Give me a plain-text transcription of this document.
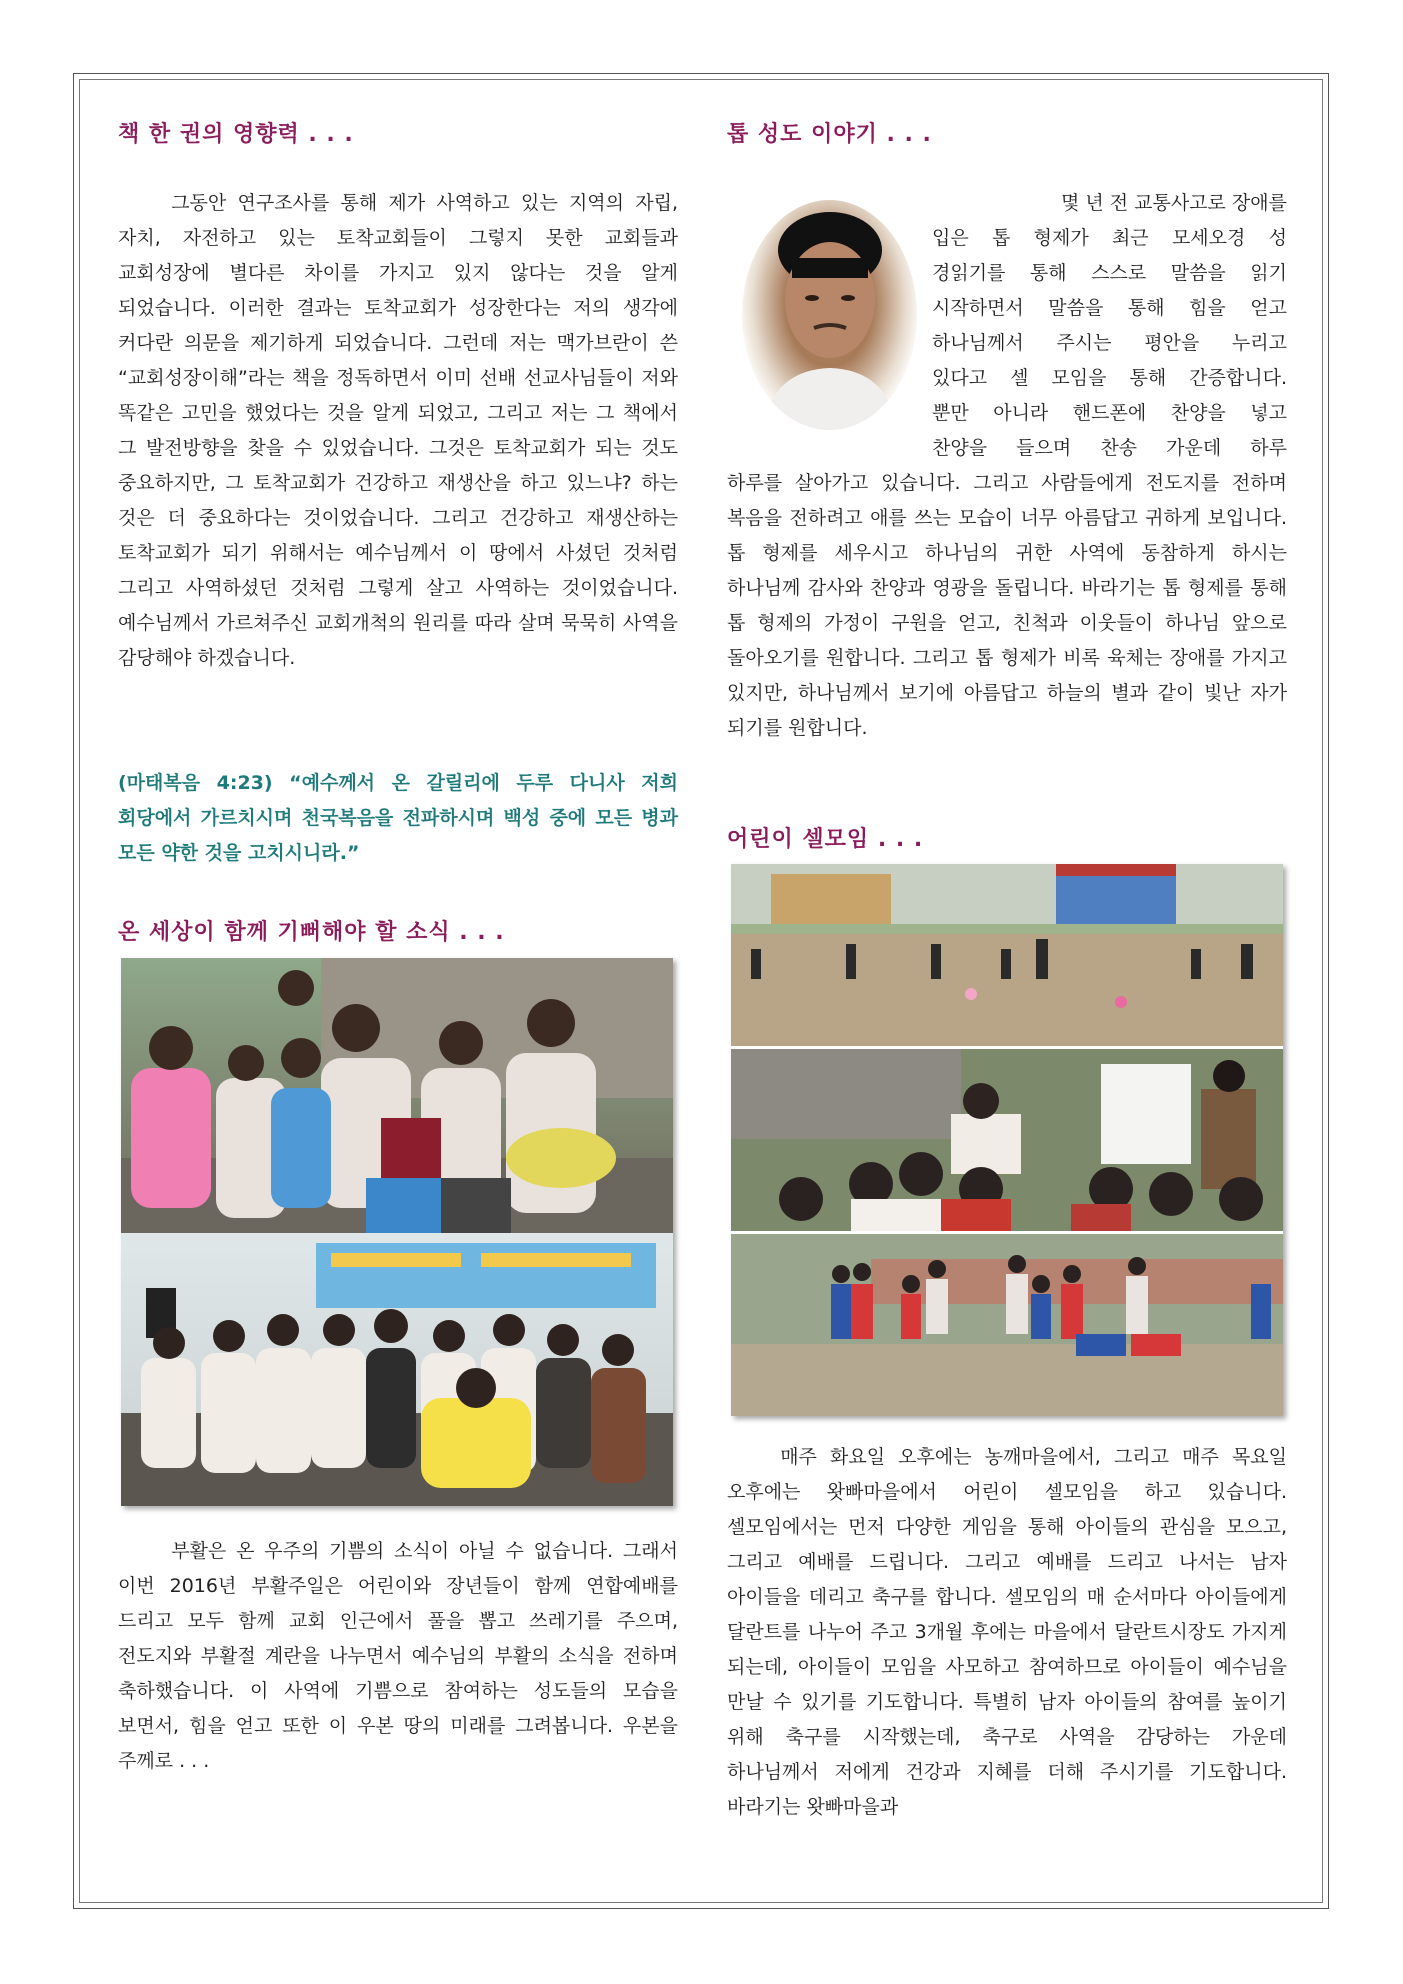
책 한 권의 영향력 . . .

그동안 연구조사를 통해 제가 사역하고 있는 지역의 자립, 자치, 자전하고 있는 토착교회들이 그렇지 못한 교회들과 교회성장에 별다른 차이를 가지고 있지 않다는 것을 알게 되었습니다. 이러한 결과는 토착교회가 성장한다는 저의 생각에 커다란 의문을 제기하게 되었습니다. 그런데 저는 맥가브란이 쓴 “교회성장이해”라는 책을 정독하면서 이미 선배 선교사님들이 저와 똑같은 고민을 했었다는 것을 알게 되었고, 그리고 저는 그 책에서 그 발전방향을 찾을 수 있었습니다. 그것은 토착교회가 되는 것도 중요하지만, 그 토착교회가 건강하고 재생산을 하고 있느냐? 하는 것은 더 중요하다는 것이었습니다. 그리고 건강하고 재생산하는 토착교회가 되기 위해서는 예수님께서 이 땅에서 사셨던 것처럼 그리고 사역하셨던 것처럼 그렇게 살고 사역하는 것이었습니다. 예수님께서 가르쳐주신 교회개척의 원리를 따라 살며 묵묵히 사역을 감당해야 하겠습니다.

(마태복음 4:23) “예수께서 온 갈릴리에 두루 다니사 저희 회당에서 가르치시며 천국복음을 전파하시며 백성 중에 모든 병과 모든 약한 것을 고치시니라.”
온 세상이 함께 기뻐해야 할 소식 . . .

부활은 온 우주의 기쁨의 소식이 아닐 수 없습니다. 그래서 이번 2016년 부활주일은 어린이와 장년들이 함께 연합예배를 드리고 모두 함께 교회 인근에서 풀을 뽑고 쓰레기를 주으며, 전도지와 부활절 계란을 나누면서 예수님의 부활의 소식을 전하며 축하했습니다. 이 사역에 기쁨으로 참여하는 성도들의 모습을 보면서, 힘을 얻고 또한 이 우본 땅의 미래를 그려봅니다. 우본을 주께로 . . .

톱 성도 이야기 . . .
몇 년 전 교통사고로 장애를
입은 톱 형제가 최근 모세오경 성
경읽기를 통해 스스로 말씀을 읽기
시작하면서 말씀을 통해 힘을 얻고
하나님께서 주시는 평안을 누리고
있다고 셀 모임을 통해 간증합니다.
뿐만 아니라 핸드폰에 찬양을 넣고
찬양을 들으며 찬송 가운데 하루

하루를 살아가고 있습니다. 그리고 사람들에게 전도지를 전하며 복음을 전하려고 애를 쓰는 모습이 너무 아름답고 귀하게 보입니다. 톱 형제를 세우시고 하나님의 귀한 사역에 동참하게 하시는 하나님께 감사와 찬양과 영광을 돌립니다. 바라기는 톱 형제를 통해 톱 형제의 가정이 구원을 얻고, 친척과 이웃들이 하나님 앞으로 돌아오기를 원합니다. 그리고 톱 형제가 비록 육체는 장애를 가지고 있지만, 하나님께서 보기에 아름답고 하늘의 별과 같이 빛난 자가 되기를 원합니다.

어린이 셀모임 . . .

매주 화요일 오후에는 농깨마을에서, 그리고 매주 목요일 오후에는 왓빠마을에서 어린이 셀모임을 하고 있습니다. 셀모임에서는 먼저 다양한 게임을 통해 아이들의 관심을 모으고, 그리고 예배를 드립니다. 그리고 예배를 드리고 나서는 남자 아이들을 데리고 축구를 합니다. 셀모임의 매 순서마다 아이들에게 달란트를 나누어 주고 3개월 후에는 마을에서 달란트시장도 가지게 되는데, 아이들이 모임을 사모하고 참여하므로 아이들이 예수님을 만날 수 있기를 기도합니다. 특별히 남자 아이들의 참여를 높이기 위해 축구를 시작했는데, 축구로 사역을 감당하는 가운데 하나님께서 저에게 건강과 지혜를 더해 주시기를 기도합니다. 바라기는 왓빠마을과
